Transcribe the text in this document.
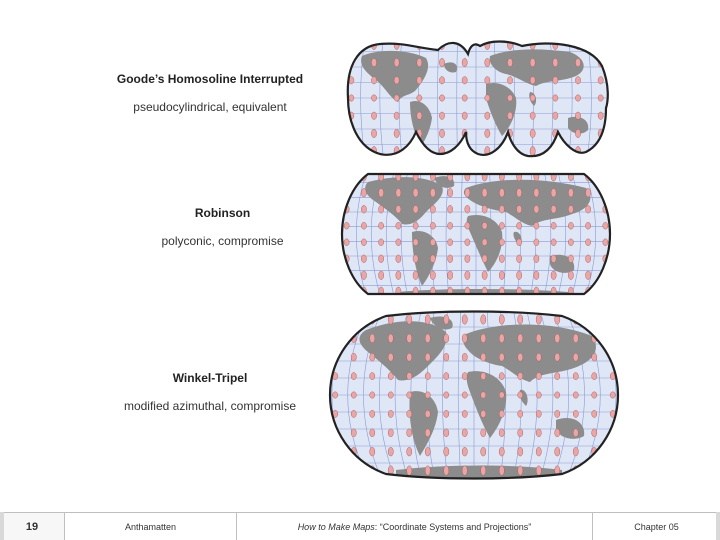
Goode’s Homosoline Interrupted
pseudocylindrical, equivalent
Robinson
polyconic, compromise
Winkel-Tripel
modified azimuthal, compromise
19	Anthamatten	How to Make Maps : “Coordinate Systems and Projections”	Chapter 05
